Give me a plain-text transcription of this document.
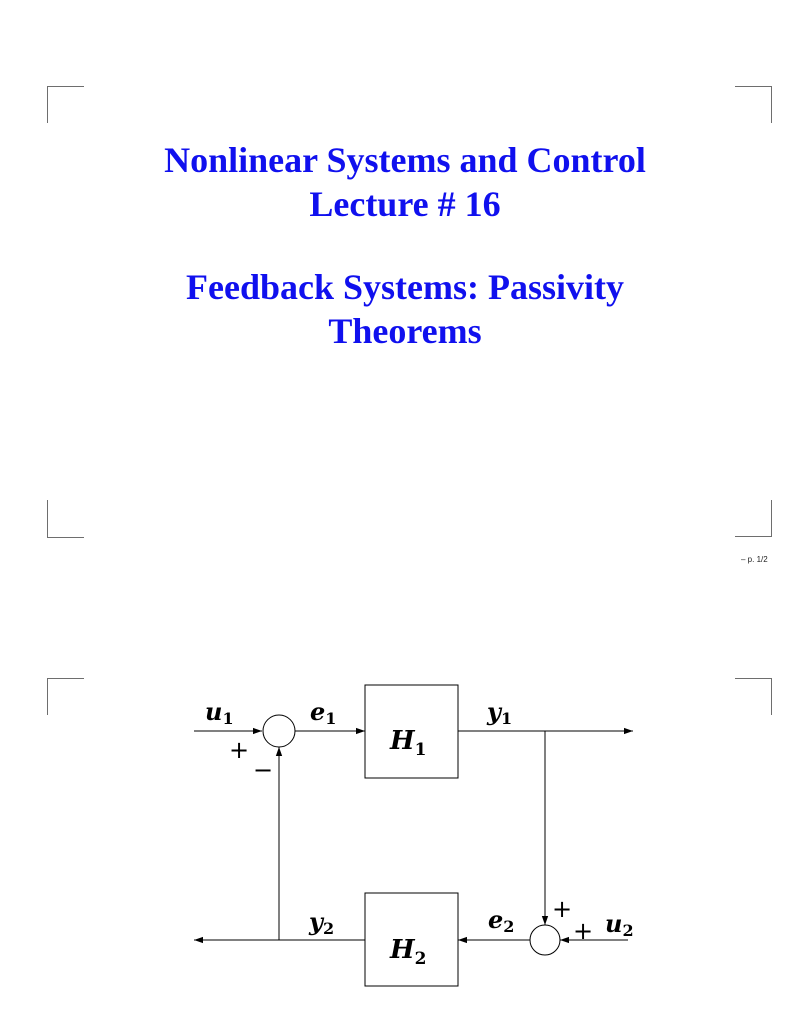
Nonlinear Systems and Control
Lecture # 16
Feedback Systems: Passivity
Theorems
– p. 1/2
$H_1$
$H_2$
u1	e1	y1
y2	e2	u2
+
−
+
+
